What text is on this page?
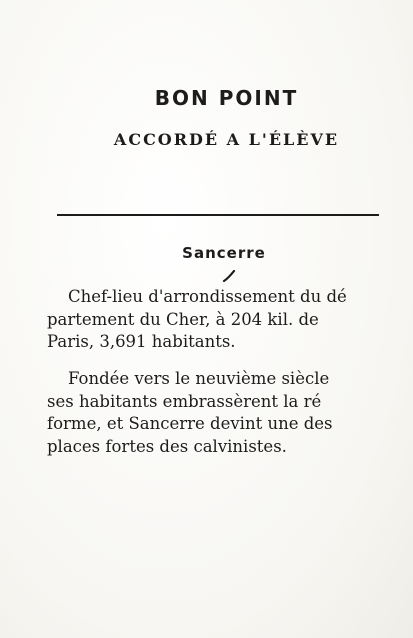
BON POINT
ACCORDÉ A L'ÉLÈVE
Sancerre
Chef-lieu d'arrondissement du dé
partement du Cher, à 204 kil. de
Paris, 3,691 habitants.
Fondée vers le neuvième siècle
ses habitants embrassèrent la ré
forme, et Sancerre devint une des
places fortes des calvinistes.
